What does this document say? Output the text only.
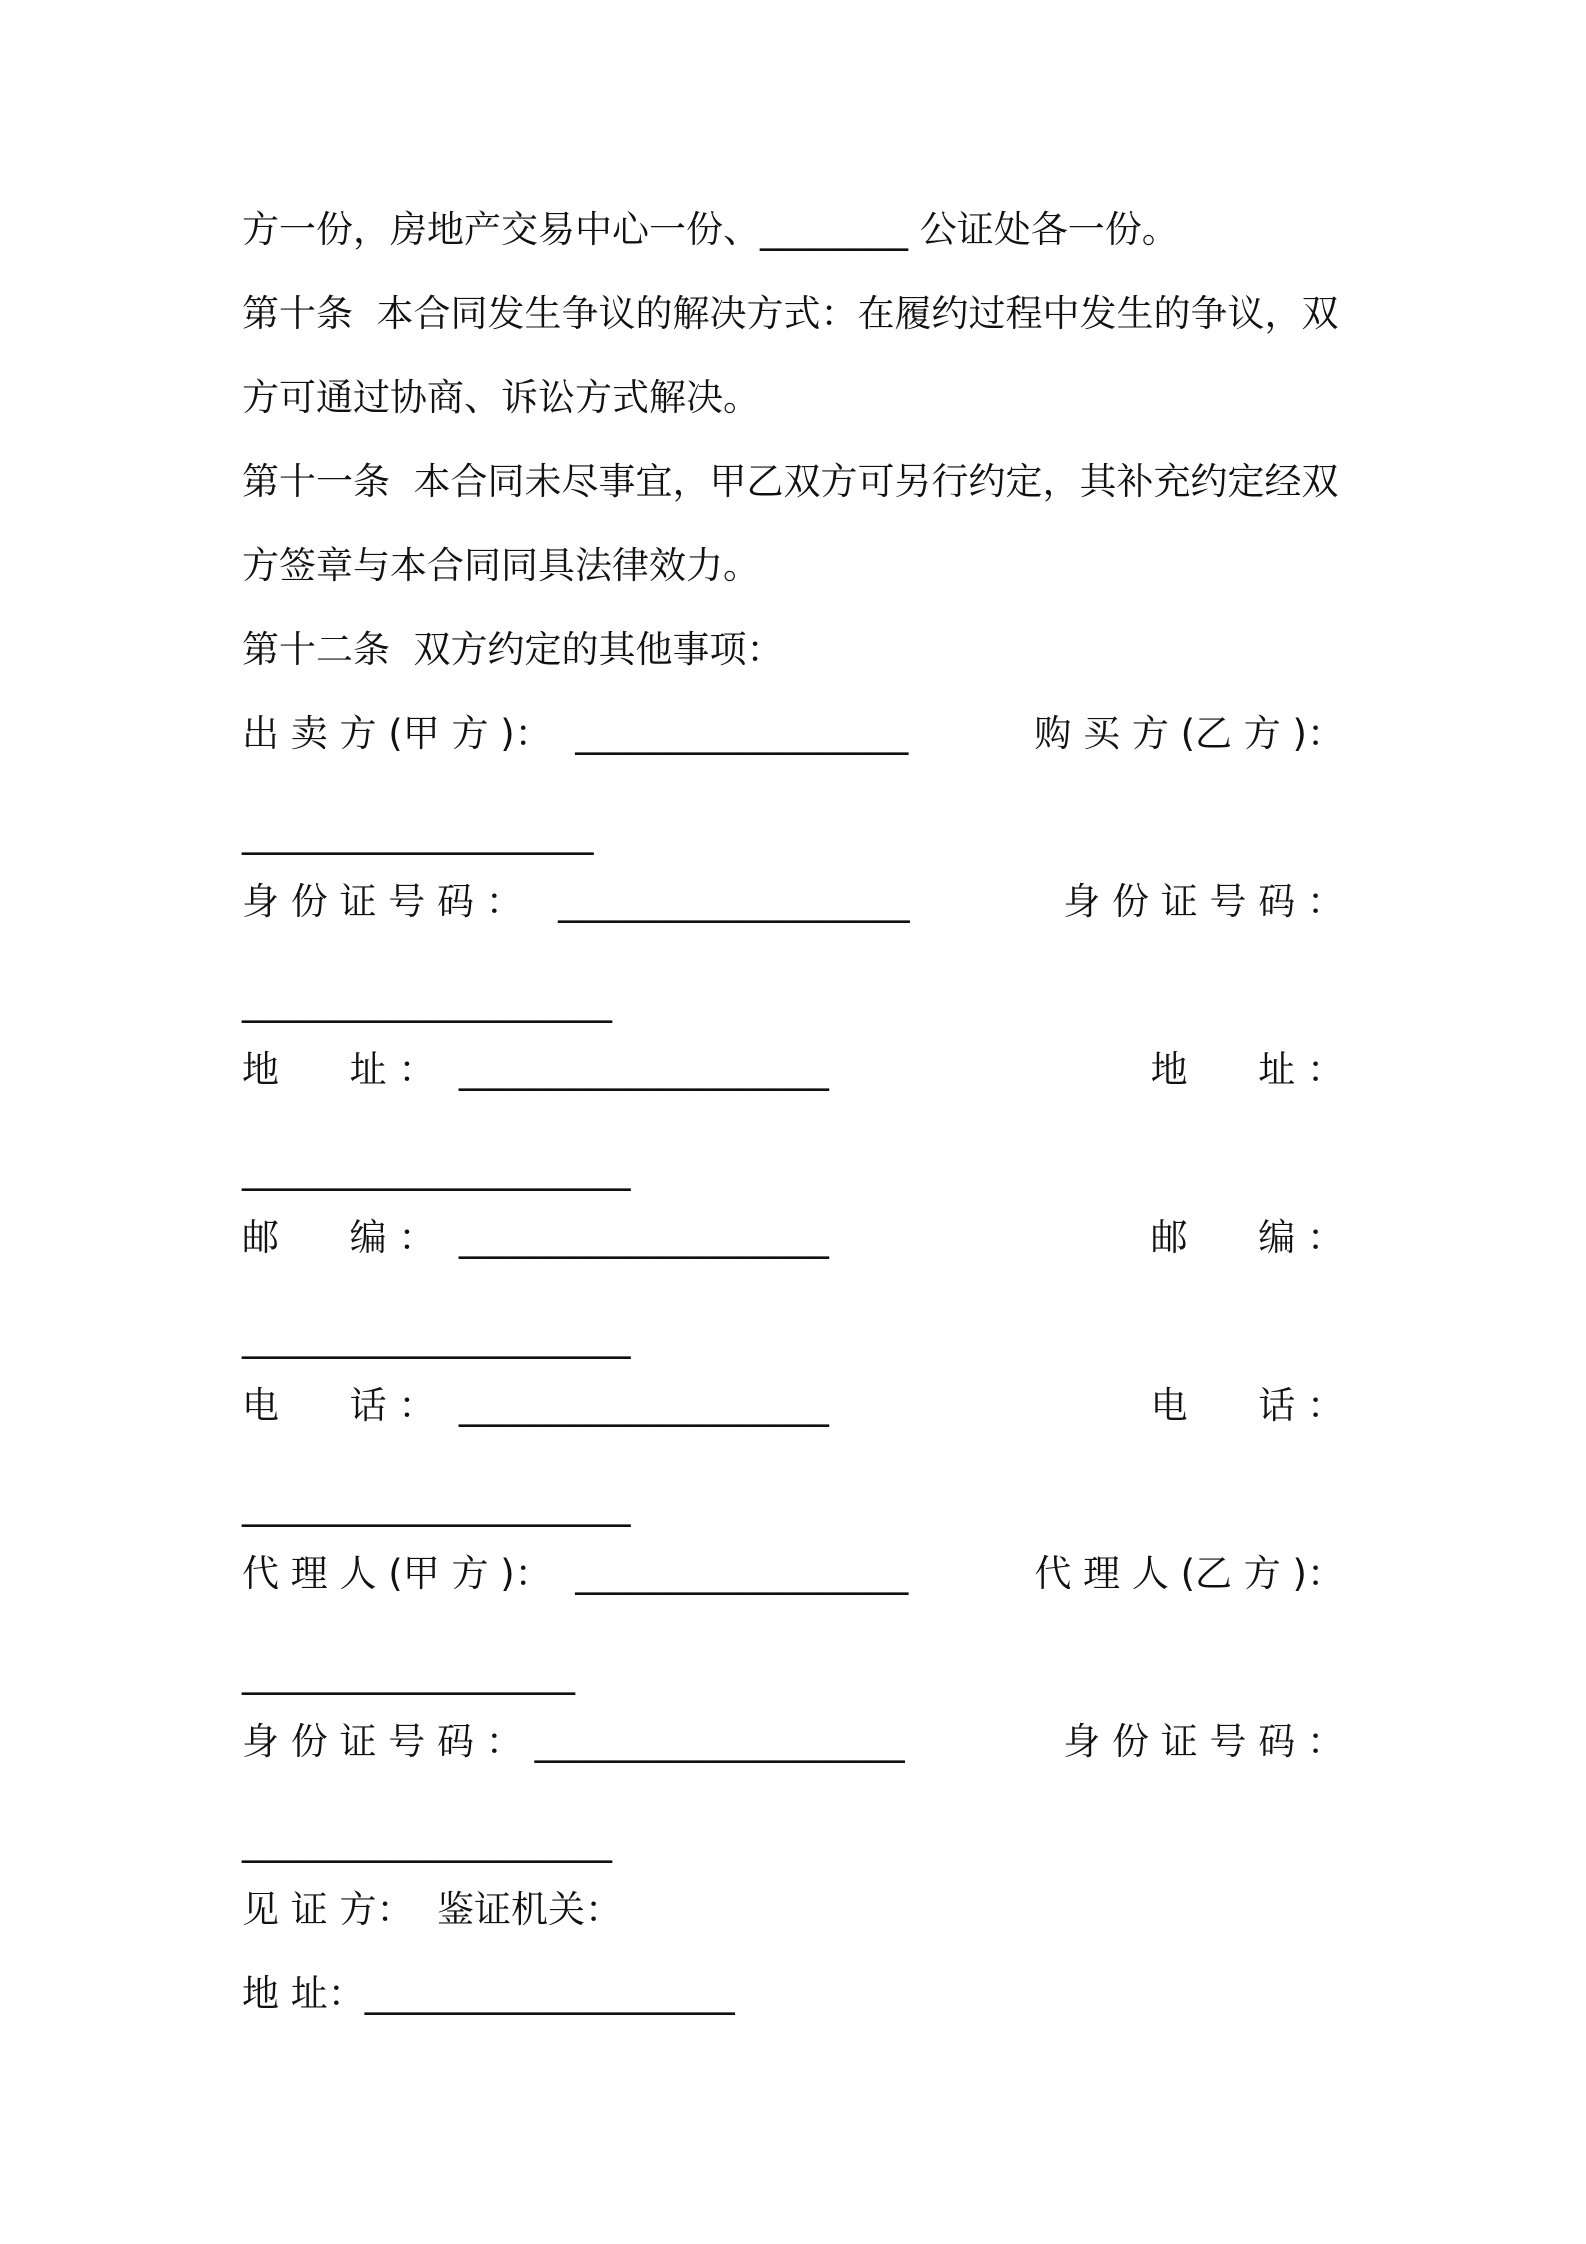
方一份，房地产交易中心一份、________ 公证处各一份。
第十条  本合同发生争议的解决方式：在履约过程中发生的争议，双
方可通过协商、诉讼方式解决。
第十一条  本合同未尽事宜，甲乙双方可另行约定，其补充约定经双
方签章与本合同同具法律效力。
第十二条  双方约定的其他事项：
出 卖 方 (甲 方 )：  __________________	购 买 方 (乙 方 )：
___________________
身 份 证 号 码 ：   ___________________	身 份 证 号 码 ：
____________________
地      址 ：  ____________________	地      址 ：
_____________________
邮      编 ：  ____________________	邮      编 ：
_____________________
电      话 ：  ____________________	电      话 ：
_____________________
代 理 人 (甲 方 )：  __________________	代 理 人 (乙 方 )：
__________________
身 份 证 号 码 ： ____________________	身 份 证 号 码 ：
____________________
见 证 方：  鉴证机关：
地 址：____________________
